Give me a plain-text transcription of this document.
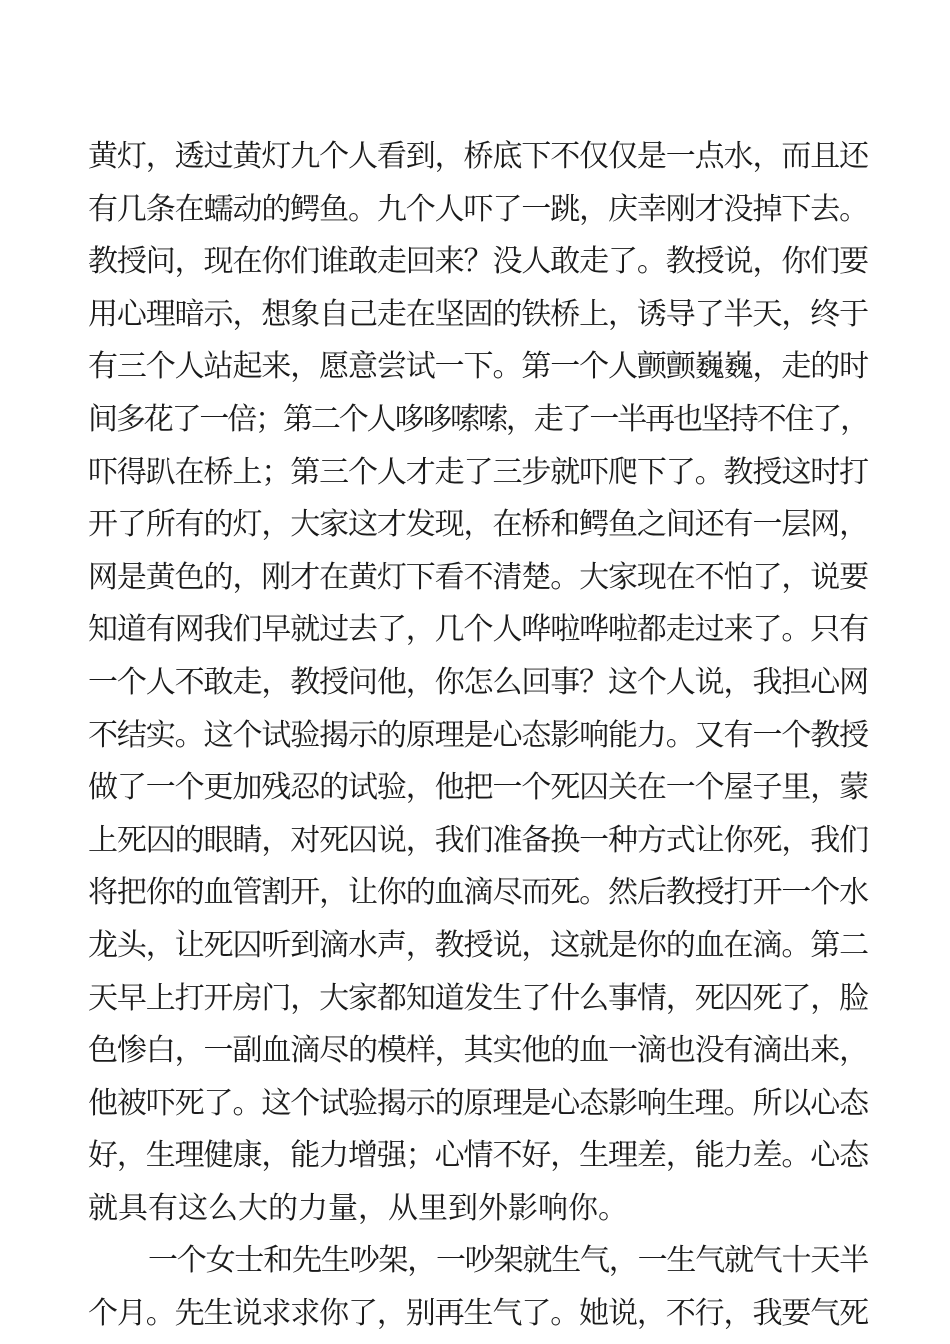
黄灯，透过黄灯九个人看到，桥底下不仅仅是一点水，而且还
有几条在蠕动的鳄鱼。九个人吓了一跳，庆幸刚才没掉下去。
教授问，现在你们谁敢走回来？没人敢走了。教授说，你们要
用心理暗示，想象自己走在坚固的铁桥上，诱导了半天，终于
有三个人站起来，愿意尝试一下。第一个人颤颤巍巍，走的时
间多花了一倍；第二个人哆哆嗦嗦，走了一半再也坚持不住了，
吓得趴在桥上；第三个人才走了三步就吓爬下了。教授这时打
开了所有的灯，大家这才发现，在桥和鳄鱼之间还有一层网，
网是黄色的，刚才在黄灯下看不清楚。大家现在不怕了，说要
知道有网我们早就过去了，几个人哗啦哗啦都走过来了。只有
一个人不敢走，教授问他，你怎么回事？这个人说，我担心网
不结实。这个试验揭示的原理是心态影响能力。又有一个教授
做了一个更加残忍的试验，他把一个死囚关在一个屋子里，蒙
上死囚的眼睛，对死囚说，我们准备换一种方式让你死，我们
将把你的血管割开，让你的血滴尽而死。然后教授打开一个水
龙头，让死囚听到滴水声，教授说，这就是你的血在滴。第二
天早上打开房门，大家都知道发生了什么事情，死囚死了，脸
色惨白，一副血滴尽的模样，其实他的血一滴也没有滴出来，
他被吓死了。这个试验揭示的原理是心态影响生理。所以心态
好，生理健康，能力增强；心情不好，生理差，能力差。心态
就具有这么大的力量，从里到外影响你。
一个女士和先生吵架，一吵架就生气，一生气就气十天半
个月。先生说求求你了，别再生气了。她说，不行，我要气死
